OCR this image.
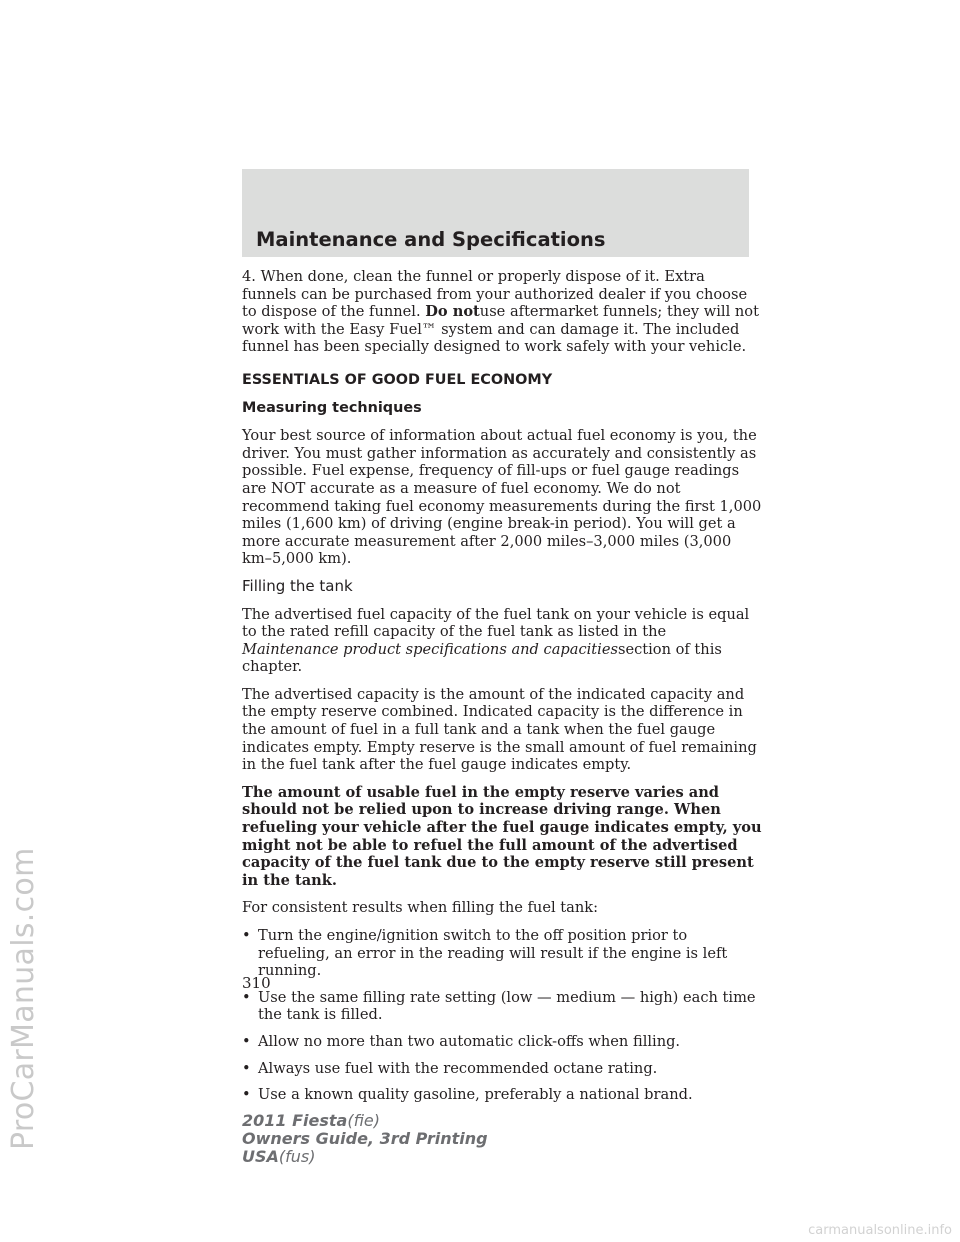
ProCarManuals.com
Maintenance and Specifications

4. When done, clean the funnel or properly dispose of it. Extra funnels can be purchased from your authorized dealer if you choose to dispose of the funnel. Do notuse aftermarket funnels; they will not work with the Easy Fuel™ system and can damage it. The included funnel has been specially designed to work safely with your vehicle.

ESSENTIALS OF GOOD FUEL ECONOMY
Measuring techniques

Your best source of information about actual fuel economy is you, the driver. You must gather information as accurately and consistently as possible. Fuel expense, frequency of fill-ups or fuel gauge readings are NOT accurate as a measure of fuel economy. We do not recommend taking fuel economy measurements during the first 1,000 miles (1,600 km) of driving (engine break-in period). You will get a more accurate measurement after 2,000 miles–3,000 miles (3,000 km–5,000 km).

Filling the tank

The advertised fuel capacity of the fuel tank on your vehicle is equal to the rated refill capacity of the fuel tank as listed in the Maintenance product specifications and capacitiessection of this chapter.

The advertised capacity is the amount of the indicated capacity and the empty reserve combined. Indicated capacity is the difference in the amount of fuel in a full tank and a tank when the fuel gauge indicates empty. Empty reserve is the small amount of fuel remaining in the fuel tank after the fuel gauge indicates empty.

The amount of usable fuel in the empty reserve varies and should not be relied upon to increase driving range. When refueling your vehicle after the fuel gauge indicates empty, you might not be able to refuel the full amount of the advertised capacity of the fuel tank due to the empty reserve still present in the tank.

For consistent results when filling the fuel tank:

• Turn the engine/ignition switch to the off position prior to refueling, an error in the reading will result if the engine is left running.
• Use the same filling rate setting (low — medium — high) each time the tank is filled.
• Allow no more than two automatic click-offs when filling.
• Always use fuel with the recommended octane rating.
• Use a known quality gasoline, preferably a national brand.
310
2011 Fiesta(fie)
Owners Guide, 3rd Printing
USA(fus)
carmanualsonline.info
